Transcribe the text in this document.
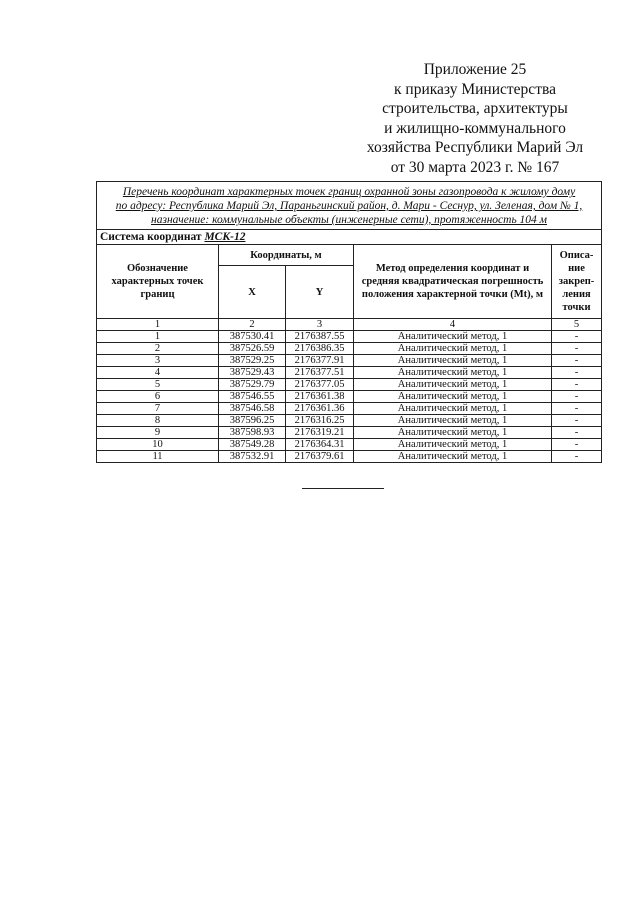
Приложение 25
к приказу Министерства
строительства, архитектуры
и жилищно-коммунального
хозяйства Республики Марий Эл
от 30 марта 2023 г. № 167
Перечень координат характерных точек границ охранной зоны газопровода к жилому дому
по адресу: Республика Марий Эл, Параньгинский район, д. Мари - Сеснур, ул. Зеленая, дом № 1,
назначение: коммунальные объекты (инженерные сети), протяженность 104 м				
Система координат МСК-12				
Обозначение характерных точек границ	Координаты, м		Метод определения координат и средняя квадратическая погрешность положения характерной точки (Mt), м	Описа-ние закреп-ления точки
	X	Y		
1	2	3	4	5
1	387530.41	2176387.55	Аналитический метод, 1	-
2	387526.59	2176386.35	Аналитический метод, 1	-
3	387529.25	2176377.91	Аналитический метод, 1	-
4	387529.43	2176377.51	Аналитический метод, 1	-
5	387529.79	2176377.05	Аналитический метод, 1	-
6	387546.55	2176361.38	Аналитический метод, 1	-
7	387546.58	2176361.36	Аналитический метод, 1	-
8	387596.25	2176316.25	Аналитический метод, 1	-
9	387598.93	2176319.21	Аналитический метод, 1	-
10	387549.28	2176364.31	Аналитический метод, 1	-
11	387532.91	2176379.61	Аналитический метод, 1	-
